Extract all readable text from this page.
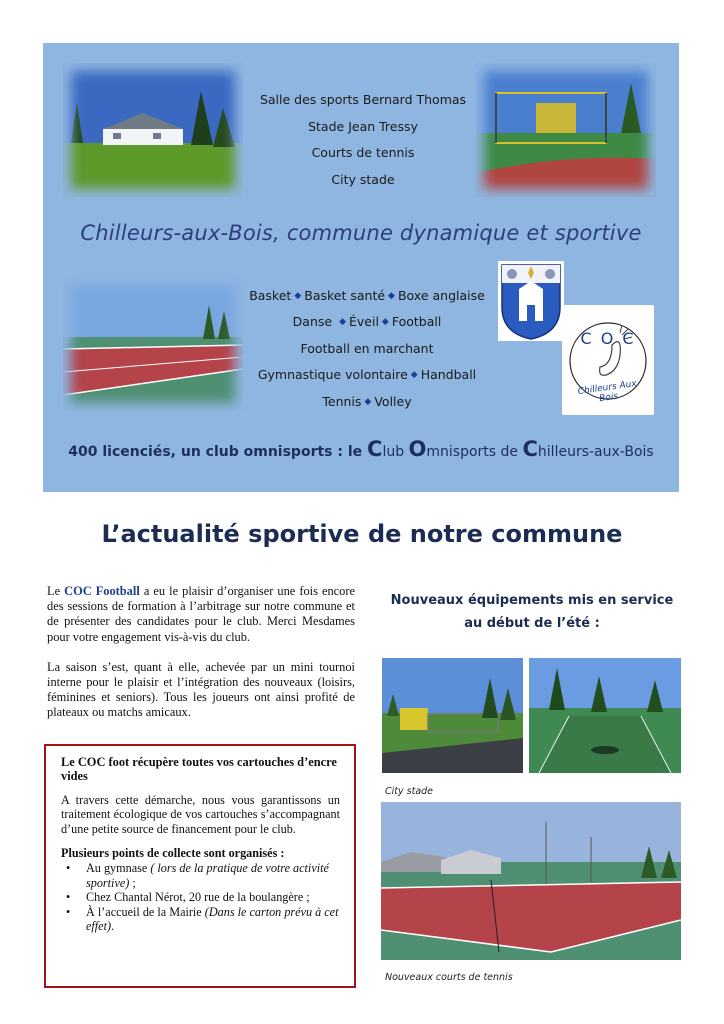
Salle des sports Bernard Thomas
Stade Jean Tressy
Courts de tennis
City stade
Chilleurs-aux-Bois, commune dynamique et sportive
Basket ◆ Basket santé ◆ Boxe anglaise
Danse ◆ Éveil ◆ Football
Football en marchant
Gymnastique volontaire ◆ Handball
Tennis ◆ Volley
C O C
Chilleurs Aux Bois
400 licenciés, un club omnisports : le Club Omnisports de Chilleurs-aux-Bois
L’actualité sportive de notre commune

Le COC Football a eu le plaisir d’organiser une fois encore des sessions de formation à l’arbitrage sur notre commune et de présenter des candidates pour le club. Merci Mesdames pour votre engagement vis-à-vis du club.

La saison s’est, quant à elle, achevée par un mini tournoi interne pour le plaisir et l’intégration des nouveaux (loisirs, féminines et seniors). Tous les joueurs ont ainsi profité de plateaux ou matchs amicaux.

Le COC foot récupère toutes vos cartouches d’encre vides

A travers cette démarche, nous vous garantissons un traitement écologique de vos cartouches s’accompagnant d’une petite source de financement pour le club.

Plusieurs points de collecte sont organisés :
• Au gymnase ( lors de la pratique de votre activité sportive) ;
• Chez Chantal Nérot, 20 rue de la boulangère ;
• À l’accueil de la Mairie (Dans le carton prévu à cet effet).
Nouveaux équipements mis en service
au début de l’été :
City stade
Nouveaux courts de tennis
